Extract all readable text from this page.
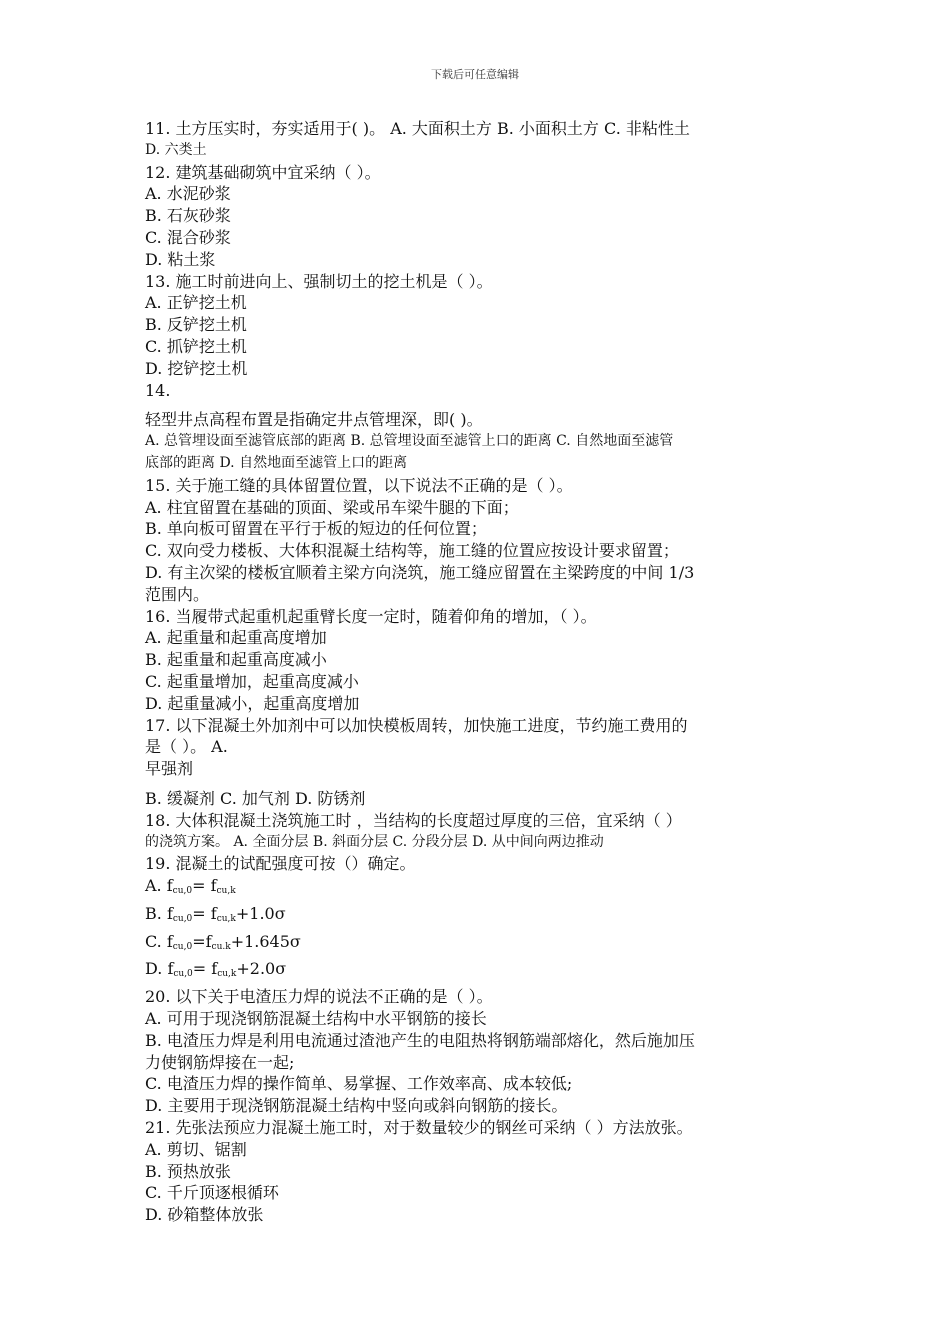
下载后可任意编辑
11. 土方压实时，夯实适用于( )。 A. 大面积土方 B. 小面积土方 C. 非粘性土
D. 六类土
12. 建筑基础砌筑中宜采纳（ ）。
A. 水泥砂浆
B. 石灰砂浆
C. 混合砂浆
D. 粘土浆
13. 施工时前进向上、强制切土的挖土机是（ ）。
A. 正铲挖土机
B. 反铲挖土机
C. 抓铲挖土机
D. 挖铲挖土机
14.
轻型井点高程布置是指确定井点管埋深，即( )。
A. 总管埋设面至滤管底部的距离 B. 总管埋设面至滤管上口的距离 C. 自然地面至滤管
底部的距离 D. 自然地面至滤管上口的距离
15. 关于施工缝的具体留置位置，以下说法不正确的是（ ）。
A. 柱宜留置在基础的顶面、梁或吊车梁牛腿的下面；
B. 单向板可留置在平行于板的短边的任何位置；
C. 双向受力楼板、大体积混凝土结构等，施工缝的位置应按设计要求留置；
D. 有主次梁的楼板宜顺着主梁方向浇筑，施工缝应留置在主梁跨度的中间 1/3
范围内。
16. 当履带式起重机起重臂长度一定时，随着仰角的增加，（ ）。
A. 起重量和起重高度增加
B. 起重量和起重高度减小
C. 起重量增加，起重高度减小
D. 起重量减小，起重高度增加
17. 以下混凝土外加剂中可以加快模板周转，加快施工进度，节约施工费用的
是（ ）。 A.
早强剂
B. 缓凝剂 C. 加气剂 D. 防锈剂
18. 大体积混凝土浇筑施工时 ，当结构的长度超过厚度的三倍，宜采纳（ ）
的浇筑方案。 A. 全面分层 B. 斜面分层 C. 分段分层 D. 从中间向两边推动
19. 混凝土的试配强度可按（）确定。
A. $f_{cu,0}= f_{cu,k}$
B. $f_{cu,0}= f_{cu,k}+1.0\sigma$
C. $f_{cu,0}=f_{cu.k}+1.645\sigma$
D. $f_{cu,0}= f_{cu,k}+2.0\sigma$
20. 以下关于电渣压力焊的说法不正确的是（ ）。
A. 可用于现浇钢筋混凝土结构中水平钢筋的接长
B. 电渣压力焊是利用电流通过渣池产生的电阻热将钢筋端部熔化，然后施加压
力使钢筋焊接在一起;
C. 电渣压力焊的操作简单、易掌握、工作效率高、成本较低;
D. 主要用于现浇钢筋混凝土结构中竖向或斜向钢筋的接长。
21. 先张法预应力混凝土施工时，对于数量较少的钢丝可采纳（ ）方法放张。
A. 剪切、锯割
B. 预热放张
C. 千斤顶逐根循环
D. 砂箱整体放张
